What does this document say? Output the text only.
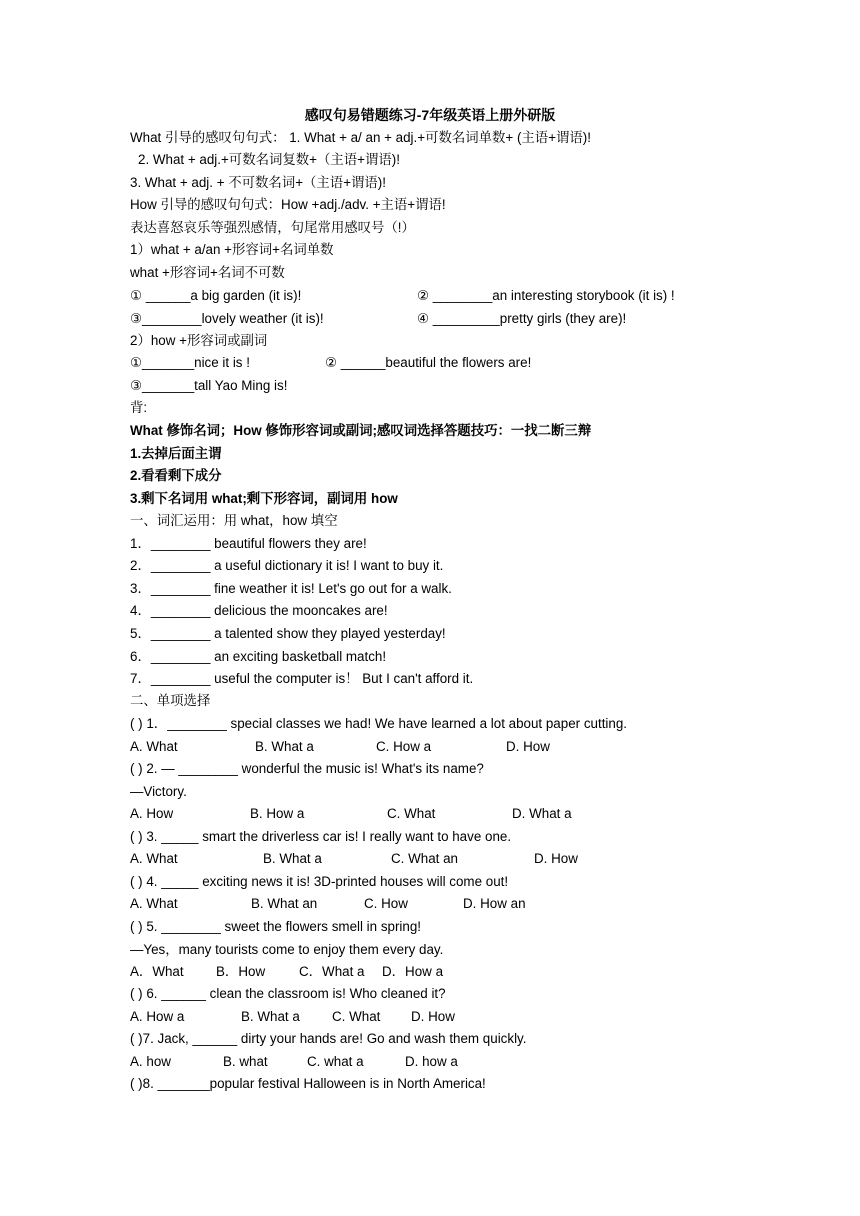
感叹句易错题练习-7年级英语上册外研版
What 引导的感叹句句式： 1. What + a/ an + adj.+可数名词单数+ (主语+谓语)!
2. What + adj.+可数名词复数+（主语+谓语)!
3. What + adj. + 不可数名词+（主语+谓语)!
How 引导的感叹句句式：How +adj./adv. +主语+谓语!
表达喜怒哀乐等强烈感情，句尾常用感叹号（!）
1）what + a/an +形容词+名词单数
what +形容词+名词不可数
① ______a big garden (it is)!	② ________an interesting storybook (it is) !
③________lovely weather (it is)!	④ _________pretty girls (they are)!
2）how +形容词或副词
①_______nice it is !	② ______beautiful the flowers are!
③_______tall Yao Ming is!
背:
What 修饰名词；How 修饰形容词或副词;感叹词选择答题技巧：一找二断三辩
1.去掉后面主谓
2.看看剩下成分
3.剩下名词用 what;剩下形容词，副词用 how
一、词汇运用：用 what，how 填空
1．________ beautiful flowers they are!
2．________ a useful dictionary it is! I want to buy it.
3．________ fine weather it is! Let's go out for a walk.
4．________ delicious the mooncakes are!
5．________ a talented show they played yesterday!
6．________ an exciting basketball match!
7．________ useful the computer is！ But I can't afford it.
二、单项选择
( ) 1．________ special classes we had! We have learned a lot about paper cutting.
A. What	B. What a	C. How a	D. How
( ) 2. — ________ wonderful the music is! What's its name?
—Victory.
A. How	B. How a	C. What	D. What a
( ) 3. _____ smart the driverless car is! I really want to have one.
A. What	B. What a	C. What an	D. How
( ) 4. _____ exciting news it is! 3D-printed houses will come out!
A. What	B. What an	C. How	D. How an
( ) 5. ________ sweet the flowers smell in spring!
—Yes，many tourists come to enjoy them every day.
A．What B．How	C．What a D．How a
( ) 6. ______ clean the classroom is! Who cleaned it?
A. How a	B. What a C. What D. How
( )7. Jack, ______ dirty your hands are! Go and wash them quickly.
A. how	B. what	C. what a	D. how a
( )8. _______popular festival Halloween is in North America!
